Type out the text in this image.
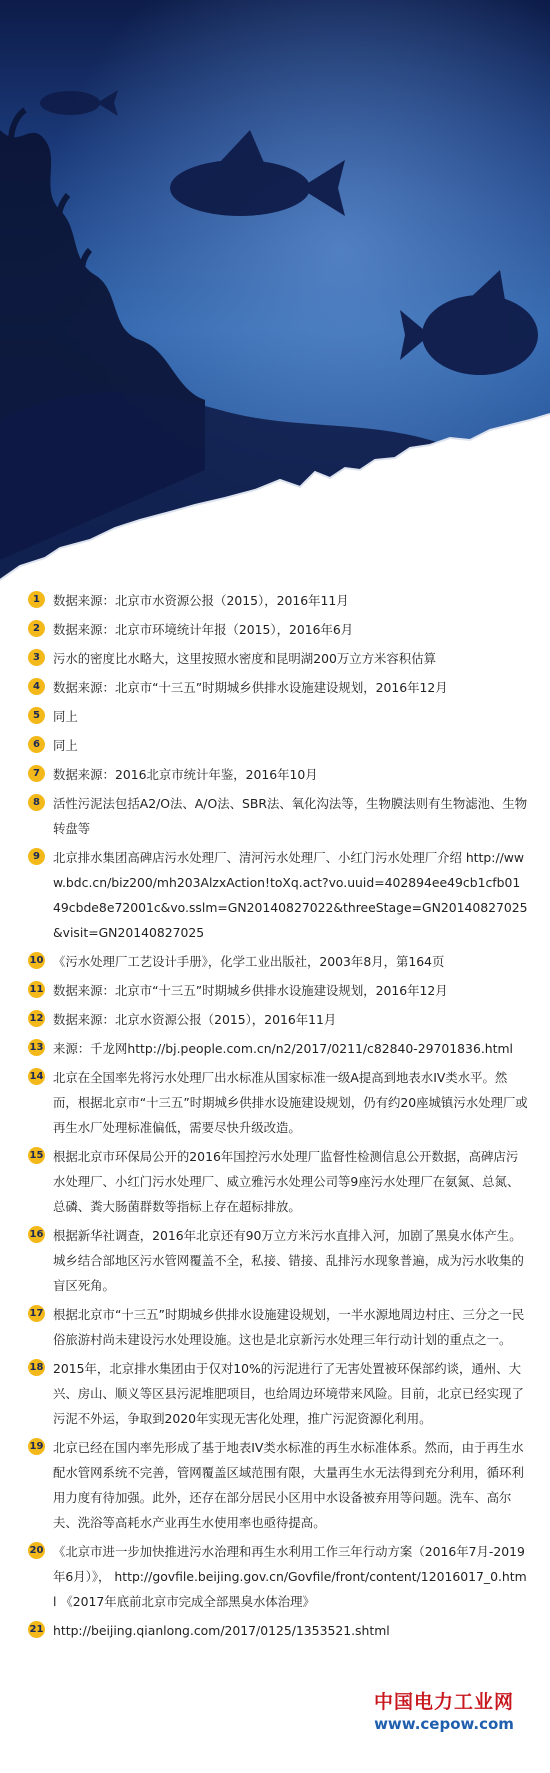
1	数据来源：北京市水资源公报（2015），2016年11月
2	数据来源：北京市环境统计年报（2015），2016年6月
3	污水的密度比水略大，这里按照水密度和昆明湖200万立方米容积估算
4	数据来源：北京市“十三五”时期城乡供排水设施建设规划，2016年12月
5	同上
6	同上
7	数据来源：2016北京市统计年鉴，2016年10月
8	活性污泥法包括A2/O法、A/O法、SBR法、氧化沟法等，生物膜法则有生物滤池、生物转盘等
9	北京排水集团高碑店污水处理厂、清河污水处理厂、小红门污水处理厂介绍 http://www.bdc.cn/biz200/mh203AlzxAction!toXq.act?vo.uuid=402894ee49cb1cfb0149cbde8e72001c&vo.sslm=GN20140827022&threeStage=GN20140827025&visit=GN20140827025
10 《污水处理厂工艺设计手册》，化学工业出版社，2003年8月，第164页
11 数据来源：北京市“十三五”时期城乡供排水设施建设规划，2016年12月
12 数据来源：北京水资源公报（2015），2016年11月
13 来源：千龙网http://bj.people.com.cn/n2/2017/0211/c82840-29701836.html
14 北京在全国率先将污水处理厂出水标准从国家标准一级A提高到地表水IV类水平。然而，根据北京市“十三五”时期城乡供排水设施建设规划，仍有约20座城镇污水处理厂或再生水厂处理标准偏低，需要尽快升级改造。
15 根据北京市环保局公开的2016年国控污水处理厂监督性检测信息公开数据，高碑店污水处理厂、小红门污水处理厂、威立雅污水处理公司等9座污水处理厂在氨氮、总氮、总磷、粪大肠菌群数等指标上存在超标排放。
16 根据新华社调查，2016年北京还有90万立方米污水直排入河，加剧了黑臭水体产生。城乡结合部地区污水管网覆盖不全，私接、错接、乱排污水现象普遍，成为污水收集的盲区死角。
17 根据北京市“十三五”时期城乡供排水设施建设规划，一半水源地周边村庄、三分之一民俗旅游村尚未建设污水处理设施。这也是北京新污水处理三年行动计划的重点之一。
18 2015年，北京排水集团由于仅对10%的污泥进行了无害处置被环保部约谈，通州、大兴、房山、顺义等区县污泥堆肥项目，也给周边环境带来风险。目前，北京已经实现了污泥不外运，争取到2020年实现无害化处理，推广污泥资源化利用。
19 北京已经在国内率先形成了基于地表IV类水标准的再生水标准体系。然而，由于再生水配水管网系统不完善，管网覆盖区域范围有限，大量再生水无法得到充分利用，循环利用力度有待加强。此外，还存在部分居民小区用中水设备被弃用等问题。洗车、高尔夫、洗浴等高耗水产业再生水使用率也亟待提高。
20 《北京市进一步加快推进污水治理和再生水利用工作三年行动方案（2016年7月-2019年6月）》， http://govfile.beijing.gov.cn/Govfile/front/content/12016017_0.html 《2017年底前北京市完成全部黑臭水体治理》
21 http://beijing.qianlong.com/2017/0125/1353521.shtml
中国电力工业网
www.cepow.com
